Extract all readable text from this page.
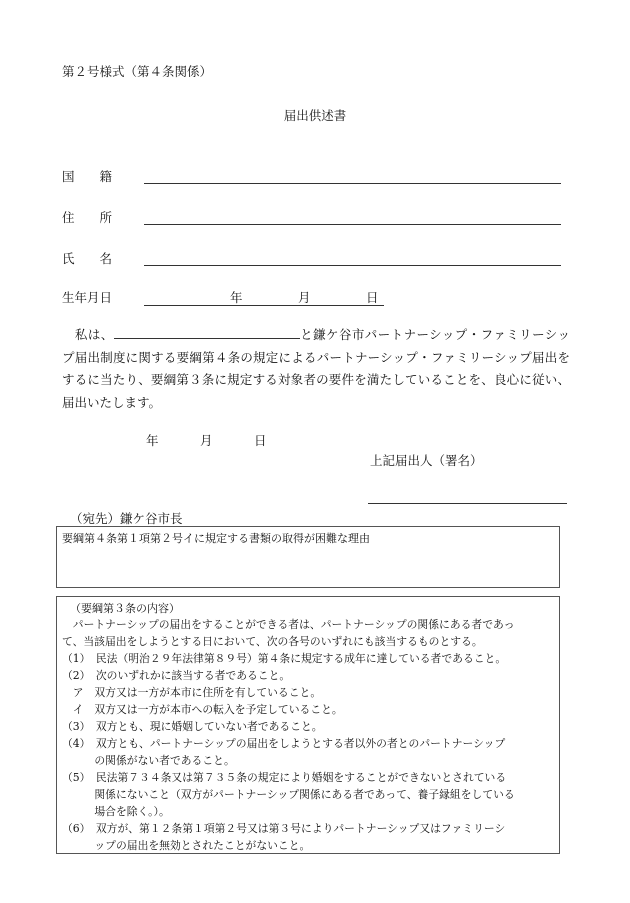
第２号様式（第４条関係）
届出供述書
国　　籍
住　　所
氏　　名
生年月日	年	月	日
　私は、	と鎌ケ谷市パートナーシップ・ファミリーシップ届出制度に関する要綱第４条の規定によるパートナーシップ・ファミリーシップ届出をするに当たり、要綱第３条に規定する対象者の要件を満たしていることを、良心に従い、届出いたします。
年	月	日
上記届出人（署名）
（宛先）鎌ケ谷市長
要綱第４条第１項第２号イに規定する書類の取得が困難な理由
（要綱第３条の内容）
　パートナーシップの届出をすることができる者は、パートナーシップの関係にある者であっ
て、当該届出をしようとする日において、次の各号のいずれにも該当するものとする。
（1）　民法（明治２９年法律第８９号）第４条に規定する成年に達している者であること。
（2）　次のいずれかに該当する者であること。
　ア　双方又は一方が本市に住所を有していること。
　イ　双方又は一方が本市への転入を予定していること。
（3）　双方とも、現に婚姻していない者であること。
（4）　双方とも、パートナーシップの届出をしようとする者以外の者とのパートナーシップ
　　　の関係がない者であること。
（5）　民法第７３４条又は第７３５条の規定により婚姻をすることができないとされている
　　　関係にないこと（双方がパートナーシップ関係にある者であって、養子縁組をしている
　　　場合を除く。）。
（6）　双方が、第１２条第１項第２号又は第３号によりパートナーシップ又はファミリーシ
　　　ップの届出を無効とされたことがないこと。
